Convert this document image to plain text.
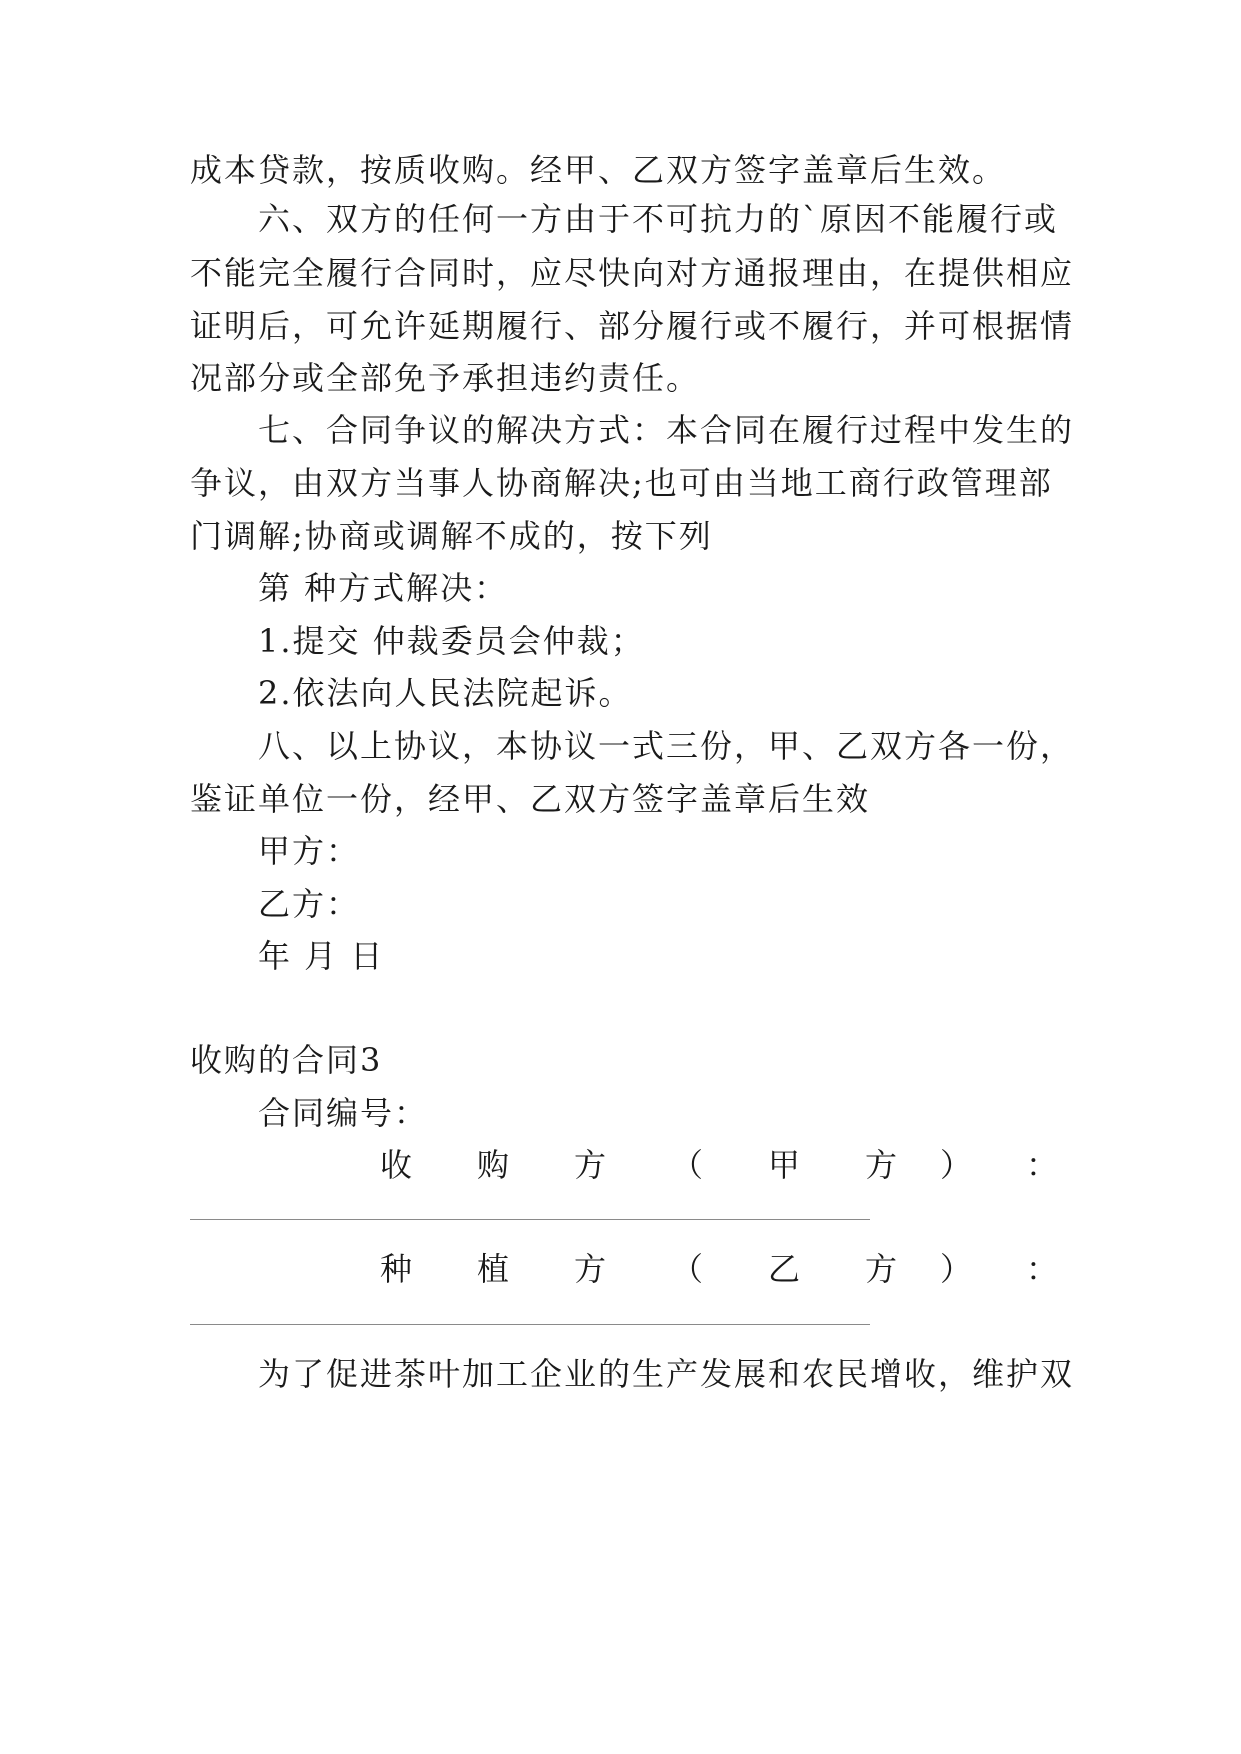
成本贷款，按质收购。经甲、乙双方签字盖章后生效。
六、双方的任何一方由于不可抗力的`原因不能履行或
不能完全履行合同时，应尽快向对方通报理由，在提供相应
证明后，可允许延期履行、部分履行或不履行，并可根据情
况部分或全部免予承担违约责任。
七、合同争议的解决方式：本合同在履行过程中发生的
争议，由双方当事人协商解决;也可由当地工商行政管理部
门调解;协商或调解不成的，按下列
第 种方式解决：
1.提交 仲裁委员会仲裁；
2.依法向人民法院起诉。
八、以上协议，本协议一式三份，甲、乙双方各一份，
鉴证单位一份，经甲、乙双方签字盖章后生效
甲方：
乙方：
年 月 日
收购的合同3
合同编号：
收 购 方 （ 甲 方 ） ：
种 植 方 （ 乙 方 ） ：
为了促进茶叶加工企业的生产发展和农民增收，维护双
